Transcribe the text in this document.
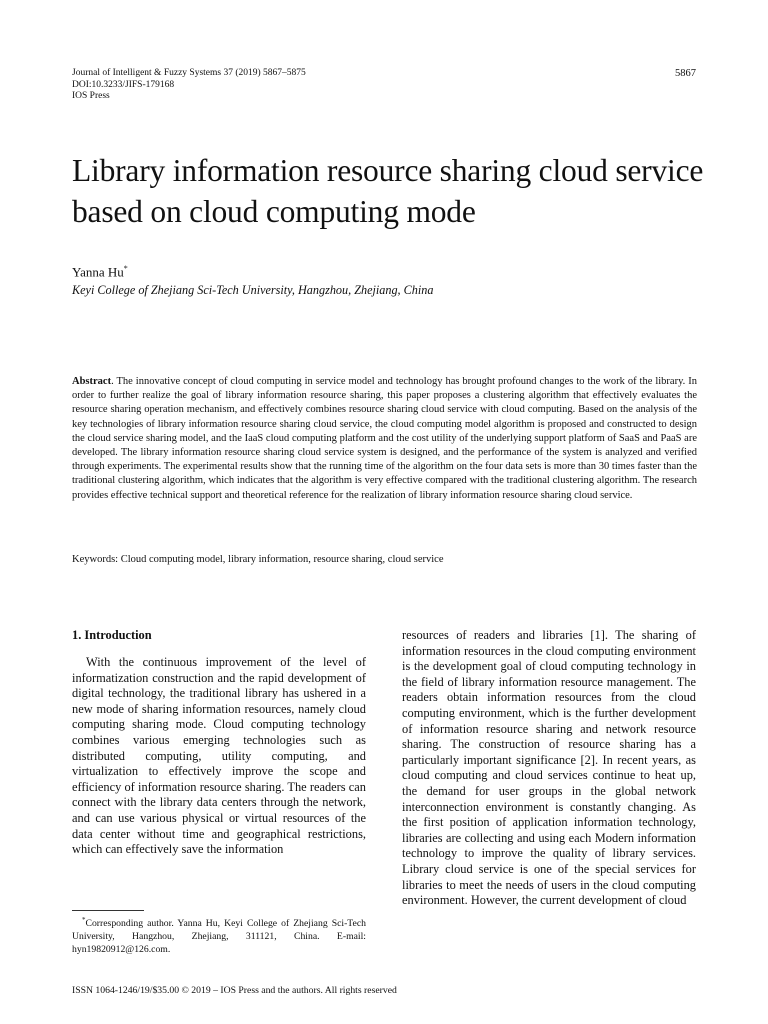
Journal of Intelligent & Fuzzy Systems 37 (2019) 5867–5875
DOI:10.3233/JIFS-179168
IOS Press
5867
Library information resource sharing cloud service based on cloud computing mode
Yanna Hu*
Keyi College of Zhejiang Sci-Tech University, Hangzhou, Zhejiang, China

Abstract. The innovative concept of cloud computing in service model and technology has brought profound changes to the work of the library. In order to further realize the goal of library information resource sharing, this paper proposes a clustering algorithm that effectively evaluates the resource sharing operation mechanism, and effectively combines resource sharing cloud service with cloud computing. Based on the analysis of the key technologies of library information resource sharing cloud service, the cloud computing model algorithm is proposed and constructed to design the cloud service sharing model, and the IaaS cloud computing platform and the cost utility of the underlying support platform of SaaS and PaaS are developed. The library information resource sharing cloud service system is designed, and the performance of the system is analyzed and verified through experiments. The experimental results show that the running time of the algorithm on the four data sets is more than 30 times faster than the traditional clustering algorithm, which indicates that the algorithm is very effective compared with the traditional clustering algorithm. The research provides effective technical support and theoretical reference for the realization of library information resource sharing cloud service.

Keywords: Cloud computing model, library information, resource sharing, cloud service
1. Introduction

With the continuous improvement of the level of informatization construction and the rapid development of digital technology, the traditional library has ushered in a new mode of sharing information resources, namely cloud computing sharing mode. Cloud computing technology combines various emerging technologies such as distributed computing, utility computing, and virtualization to effectively improve the scope and efficiency of information resource sharing. The readers can connect with the library data centers through the network, and can use various physical or virtual resources of the data center without time and geographical restrictions, which can effectively save the information

resources of readers and libraries [1]. The sharing of information resources in the cloud computing environment is the development goal of cloud computing technology in the field of library information resource management. The readers obtain information resources from the cloud computing environment, which is the further development of information resource sharing and network resource sharing. The construction of resource sharing has a particularly important significance [2]. In recent years, as cloud computing and cloud services continue to heat up, the demand for user groups in the global network interconnection environment is constantly changing. As the first position of application information technology, libraries are collecting and using each Modern information technology to improve the quality of library services. Library cloud service is one of the special services for libraries to meet the needs of users in the cloud computing environment. However, the current development of cloud

*Corresponding author. Yanna Hu, Keyi College of Zhejiang Sci-Tech University, Hangzhou, Zhejiang, 311121, China. E-mail: hyn19820912@126.com.

ISSN 1064-1246/19/$35.00 © 2019 – IOS Press and the authors. All rights reserved
